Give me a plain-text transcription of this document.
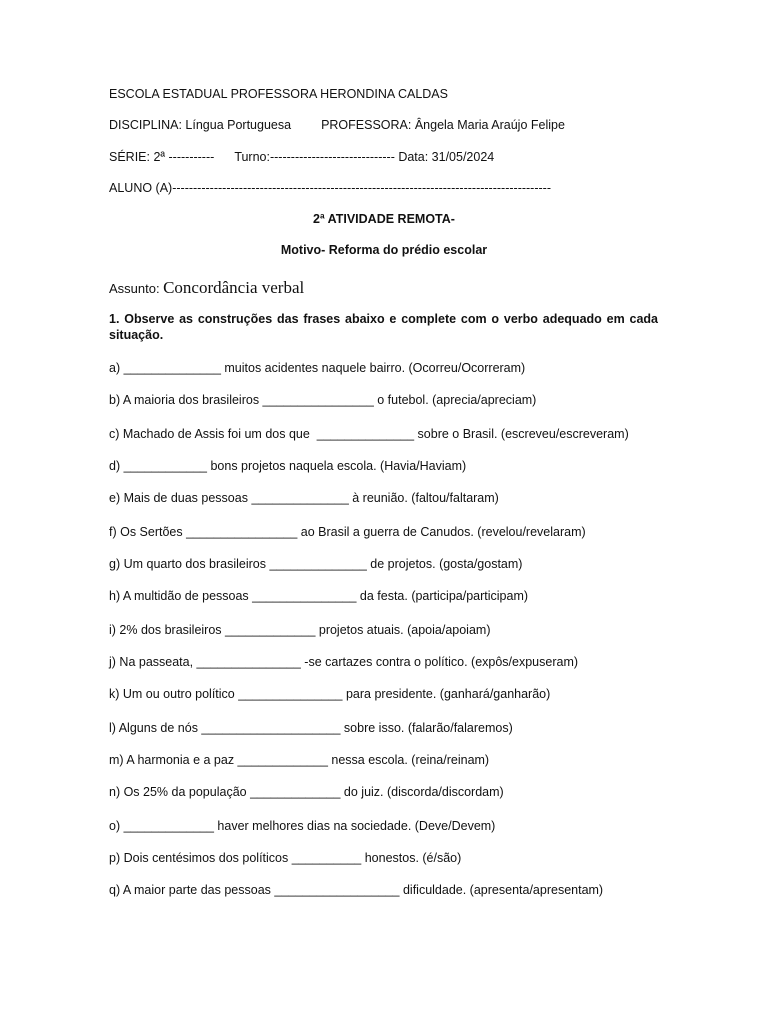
ESCOLA ESTADUAL PROFESSORA HERONDINA CALDAS
DISCIPLINA: Língua Portuguesa PROFESSORA: Ângela Maria Araújo Felipe
SÉRIE: 2ª ----------- Turno:------------------------------ Data: 31/05/2024
ALUNO (A)-------------------------------------------------------------------------------------------
2ª ATIVIDADE REMOTA-
Motivo- Reforma do prédio escolar
Assunto: Concordância verbal
1. Observe as construções das frases abaixo e complete com o verbo adequado em cada situação.
a) ______________ muitos acidentes naquele bairro. (Ocorreu/Ocorreram)
b) A maioria dos brasileiros ________________ o futebol. (aprecia/apreciam)
c) Machado de Assis foi um dos que  ______________ sobre o Brasil. (escreveu/escreveram)
d) ____________ bons projetos naquela escola. (Havia/Haviam)
e) Mais de duas pessoas ______________ à reunião. (faltou/faltaram)
f) Os Sertões ________________ ao Brasil a guerra de Canudos. (revelou/revelaram)
g) Um quarto dos brasileiros ______________ de projetos. (gosta/gostam)
h) A multidão de pessoas _______________ da festa. (participa/participam)
i) 2% dos brasileiros _____________ projetos atuais. (apoia/apoiam)
j) Na passeata, _______________ -se cartazes contra o político. (expôs/expuseram)
k) Um ou outro político _______________ para presidente. (ganhará/ganharão)
l) Alguns de nós ____________________ sobre isso. (falarão/falaremos)
m) A harmonia e a paz _____________ nessa escola. (reina/reinam)
n) Os 25% da população _____________ do juiz. (discorda/discordam)
o) _____________ haver melhores dias na sociedade. (Deve/Devem)
p) Dois centésimos dos políticos __________ honestos. (é/são)
q) A maior parte das pessoas __________________ dificuldade. (apresenta/apresentam)
